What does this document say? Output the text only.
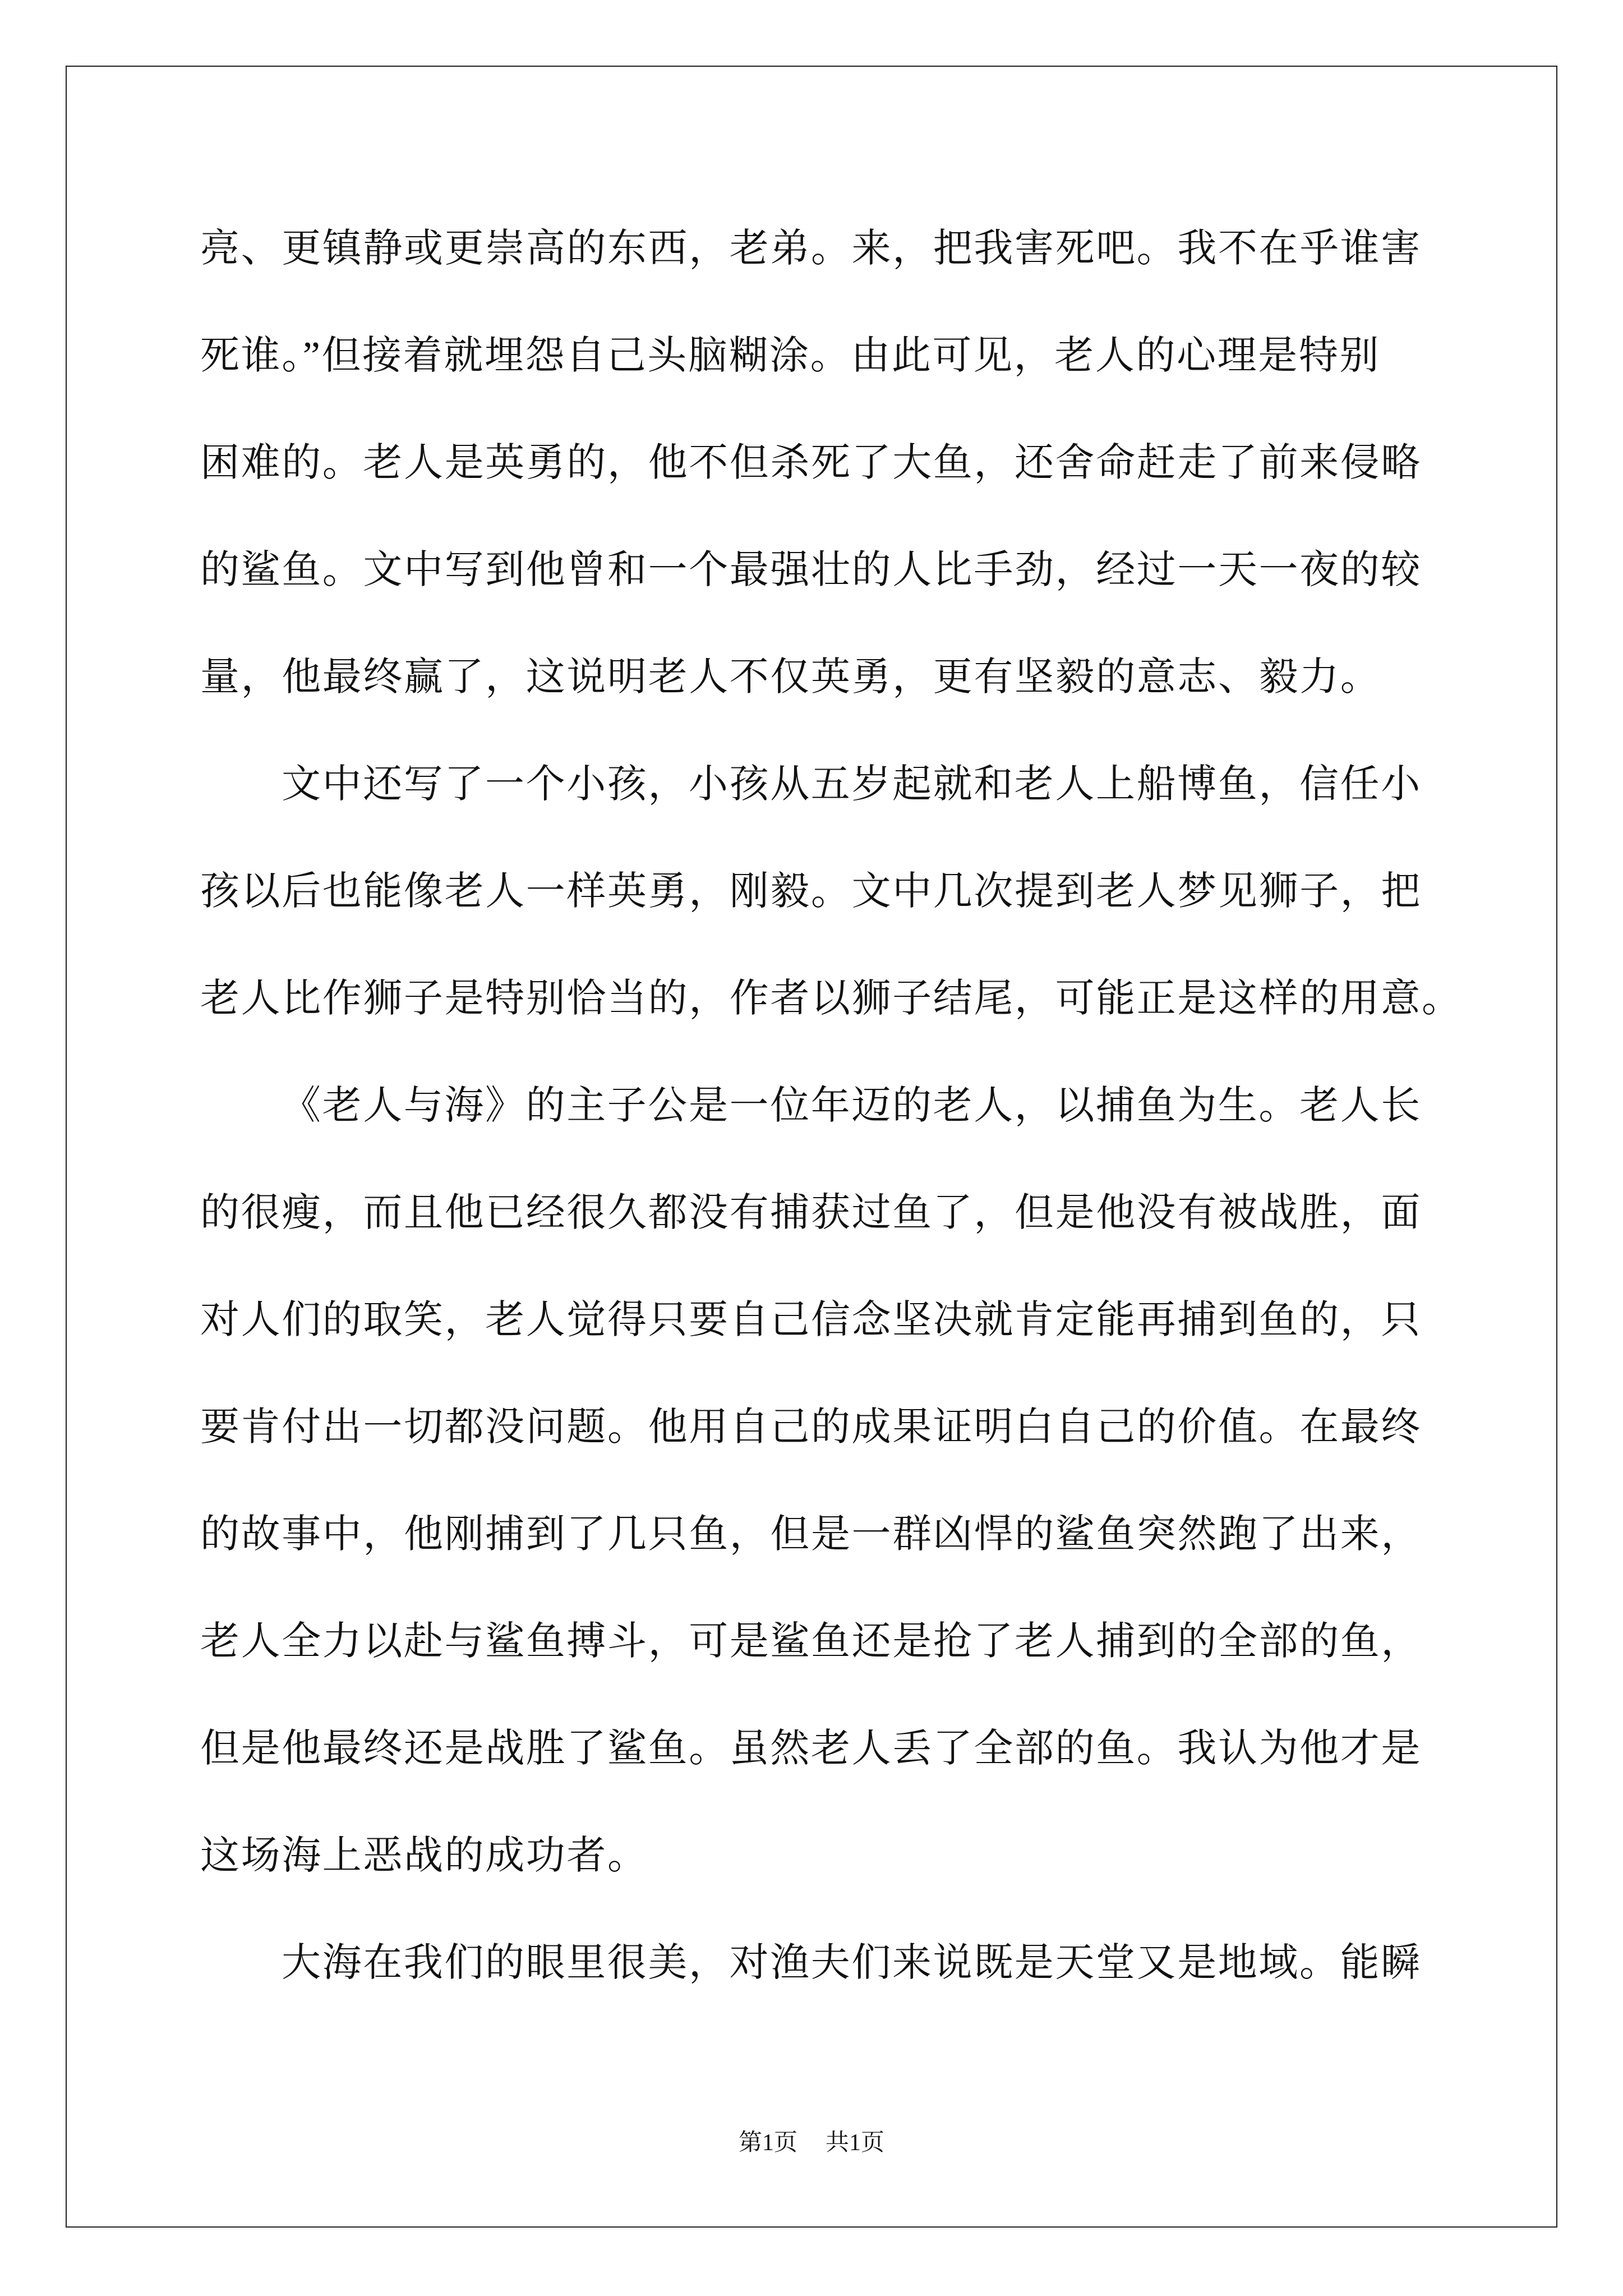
亮、更镇静或更崇高的东西，老弟。来，把我害死吧。我不在乎谁害
死谁。”但接着就埋怨自己头脑糊涂。由此可见，老人的心理是特别
困难的。老人是英勇的，他不但杀死了大鱼，还舍命赶走了前来侵略
的鲨鱼。文中写到他曾和一个最强壮的人比手劲，经过一天一夜的较
量，他最终赢了，这说明老人不仅英勇，更有坚毅的意志、毅力。
文中还写了一个小孩，小孩从五岁起就和老人上船博鱼，信任小
孩以后也能像老人一样英勇，刚毅。文中几次提到老人梦见狮子，把
老人比作狮子是特别恰当的，作者以狮子结尾，可能正是这样的用意。
《老人与海》的主子公是一位年迈的老人，以捕鱼为生。老人长
的很瘦，而且他已经很久都没有捕获过鱼了，但是他没有被战胜，面
对人们的取笑，老人觉得只要自己信念坚决就肯定能再捕到鱼的，只
要肯付出一切都没问题。他用自己的成果证明白自己的价值。在最终
的故事中，他刚捕到了几只鱼，但是一群凶悍的鲨鱼突然跑了出来，
老人全力以赴与鲨鱼搏斗，可是鲨鱼还是抢了老人捕到的全部的鱼，
但是他最终还是战胜了鲨鱼。虽然老人丢了全部的鱼。我认为他才是
这场海上恶战的成功者。
大海在我们的眼里很美，对渔夫们来说既是天堂又是地域。能瞬
第1页 共1页
